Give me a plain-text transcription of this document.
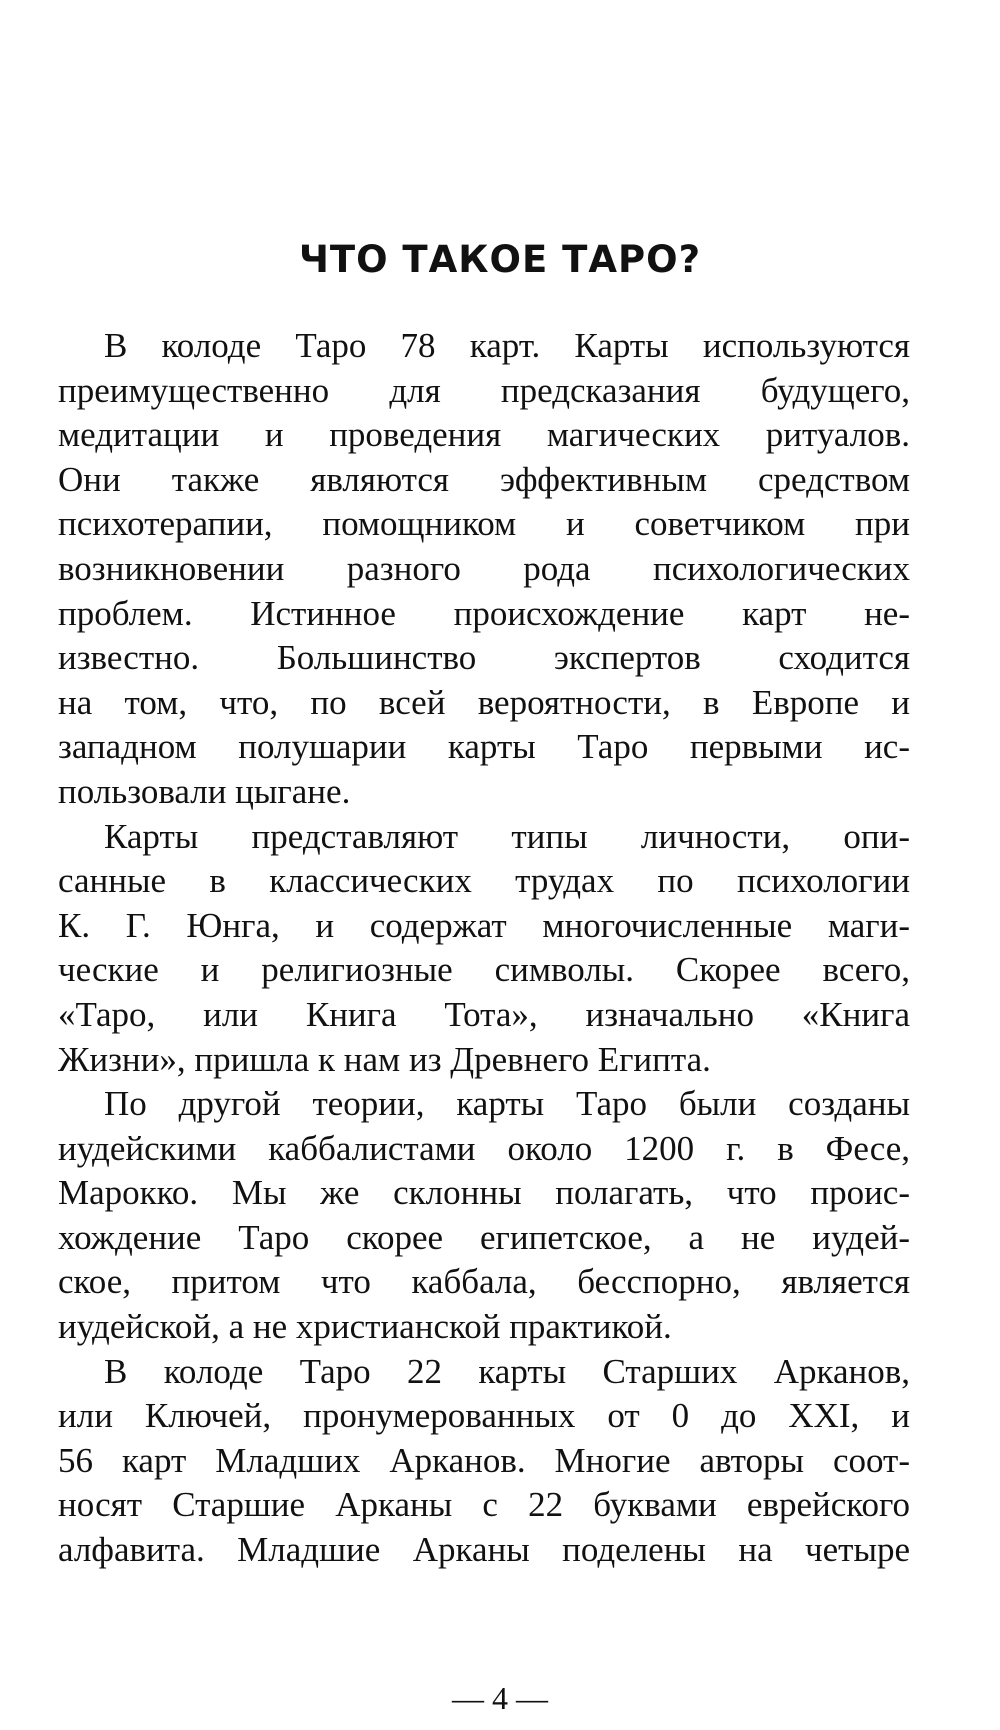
ЧТО ТАКОЕ ТАРО?
В колоде Таро 78 карт. Карты используются
преимущественно для предсказания будущего,
медитации и проведения магических ритуалов.
Они также являются эффективным средством
психотерапии, помощником и советчиком при
возникновении разного рода психологических
проблем. Истинное происхождение карт не-
известно. Большинство экспертов сходится
на том, что, по всей вероятности, в Европе и
западном полушарии карты Таро первыми ис-
пользовали цыгане.
Карты представляют типы личности, опи-
санные в классических трудах по психологии
К. Г. Юнга, и содержат многочисленные маги-
ческие и религиозные символы. Скорее всего,
«Таро, или Книга Тота», изначально «Книга
Жизни», пришла к нам из Древнего Египта.
По другой теории, карты Таро были созданы
иудейскими каббалистами около 1200 г. в Фесе,
Марокко. Мы же склонны полагать, что проис-
хождение Таро скорее египетское, а не иудей-
ское, притом что каббала, бесспорно, является
иудейской, а не христианской практикой.
В колоде Таро 22 карты Старших Арканов,
или Ключей, пронумерованных от 0 до XXI, и
56 карт Младших Арканов. Многие авторы соот-
носят Старшие Арканы с 22 буквами еврейского
алфавита. Младшие Арканы поделены на четыре
— 4 —
